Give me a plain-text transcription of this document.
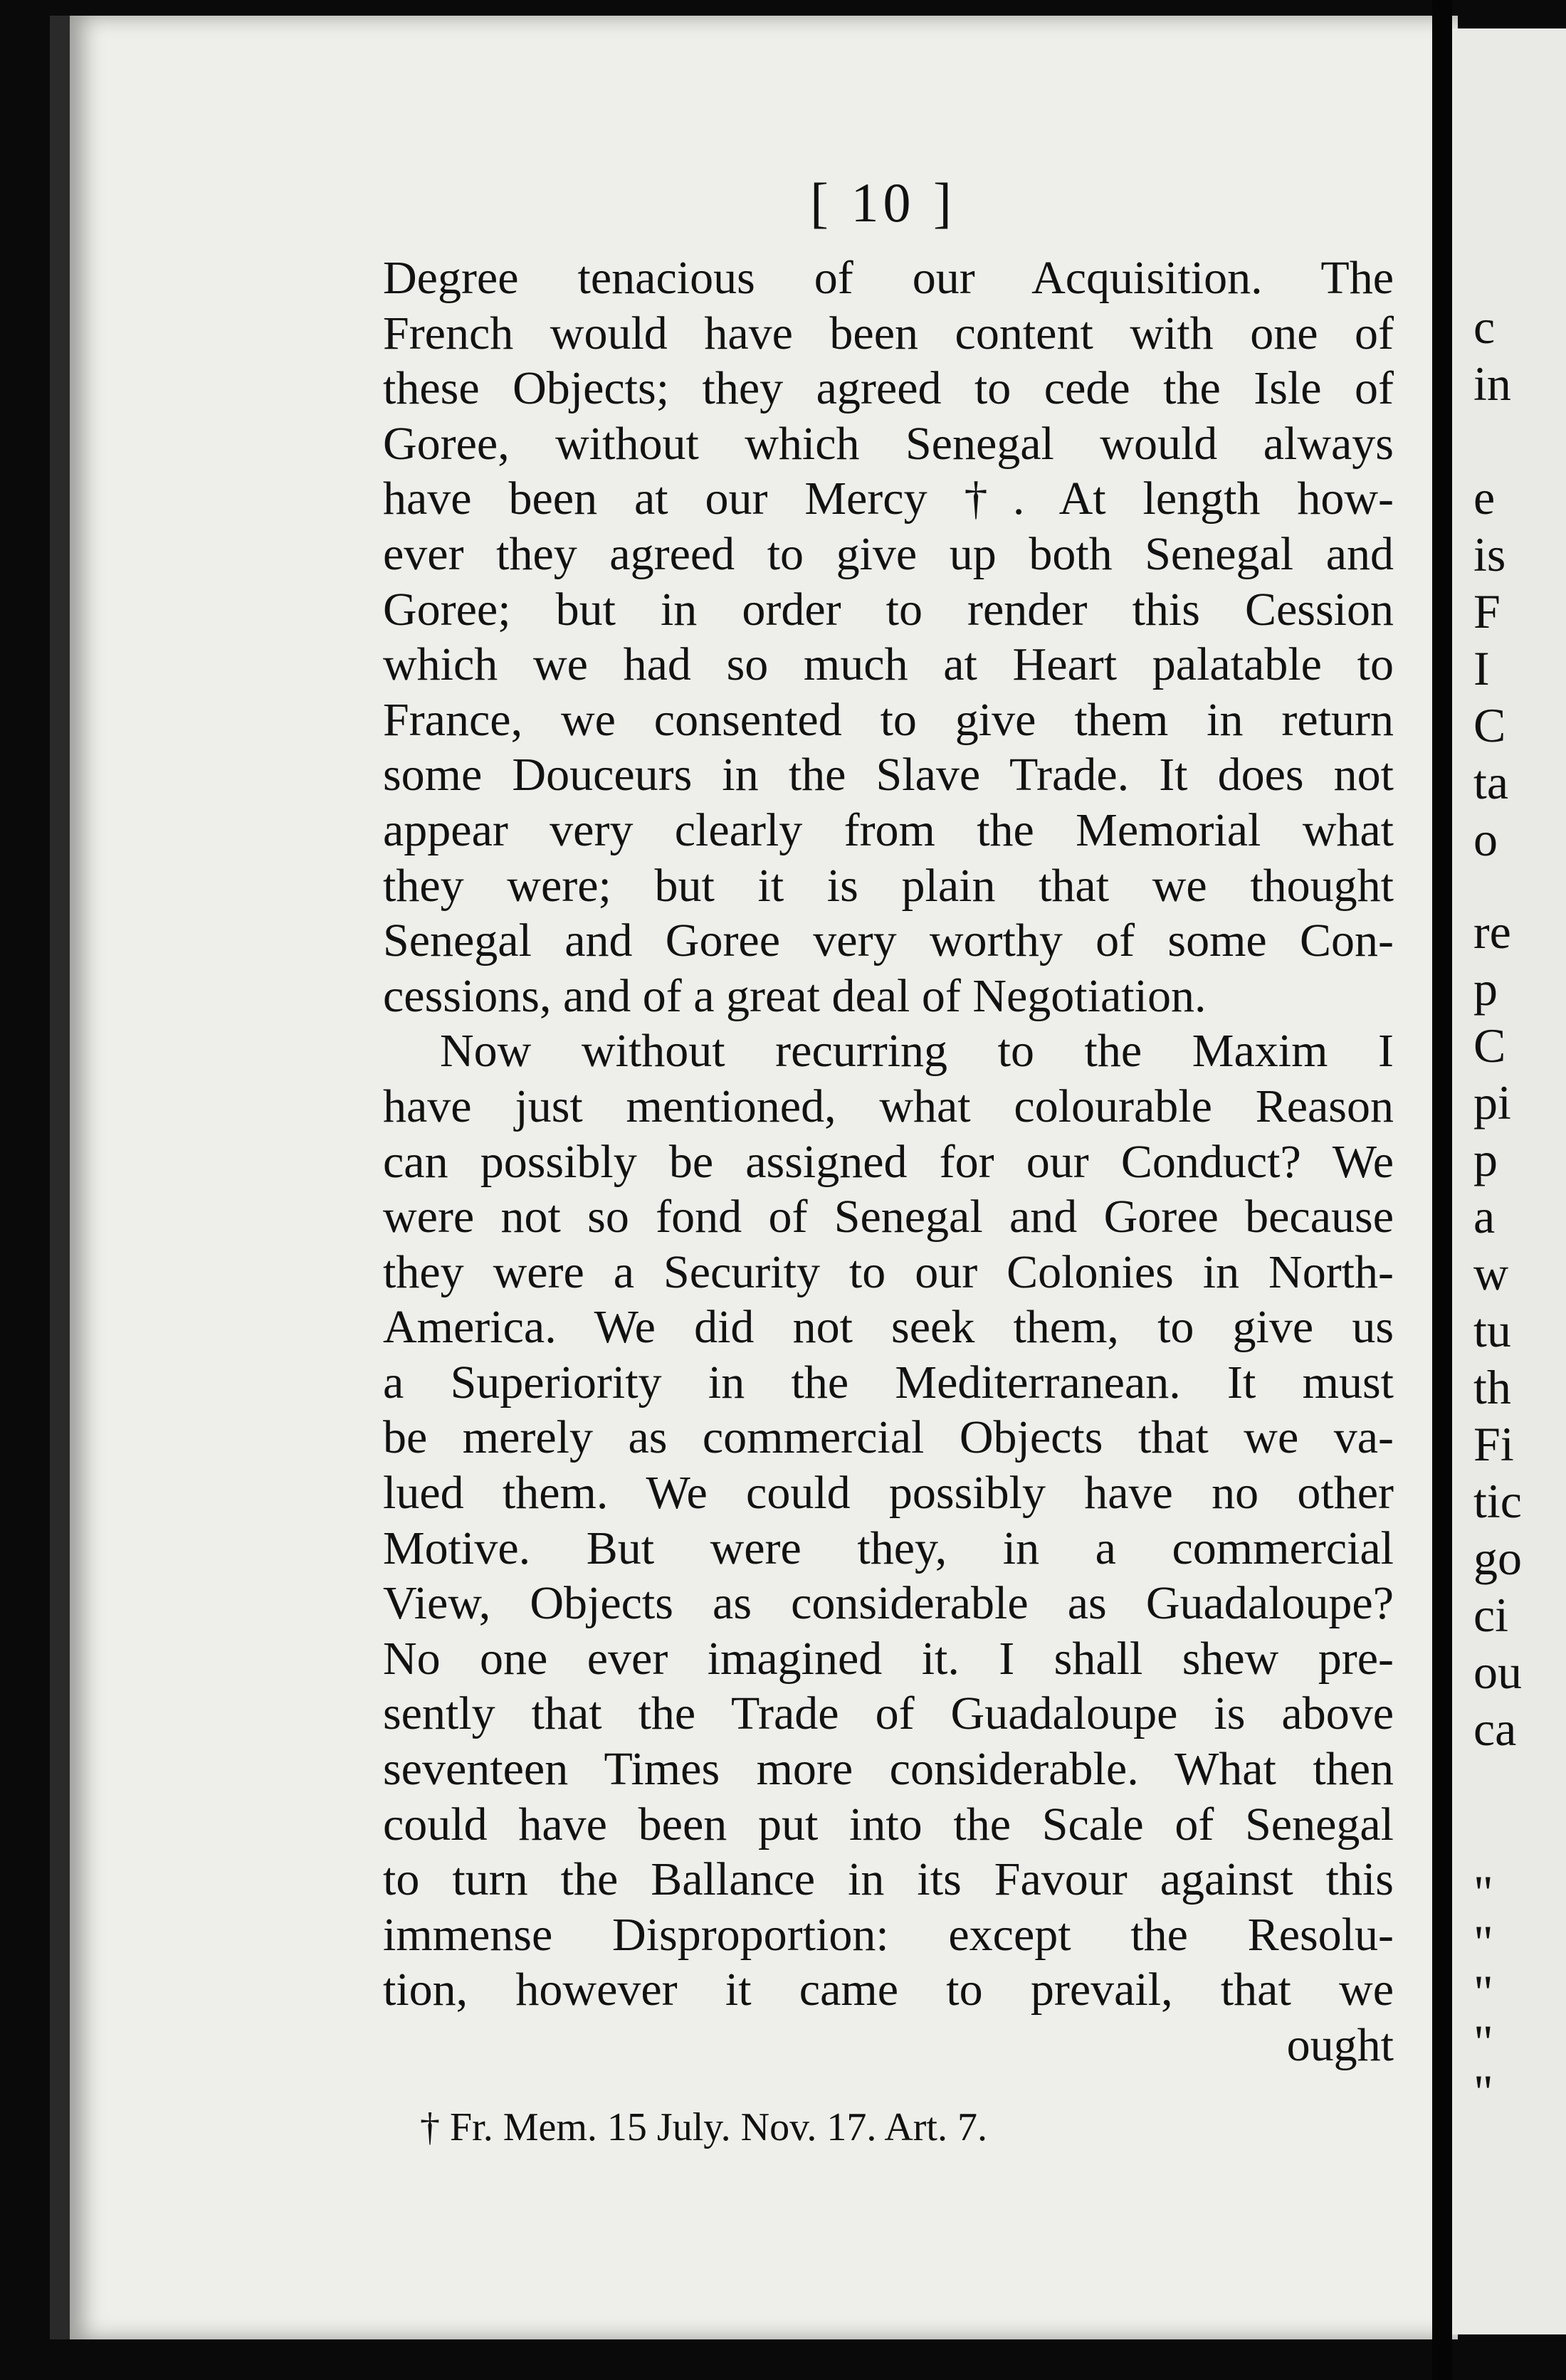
[ 10 ]
Degree tenacious of our Acquisition. The
French would have been content with one of
these Objects; they agreed to cede the Isle of
Goree, without which Senegal would always
have been at our Mercy †. At length how-
ever they agreed to give up both Senegal and
Goree; but in order to render this Cession
which we had so much at Heart palatable to
France, we consented to give them in return
some Douceurs in the Slave Trade. It does not
appear very clearly from the Memorial what
they were; but it is plain that we thought
Senegal and Goree very worthy of some Con-
cessions, and of a great deal of Negotiation.
Now without recurring to the Maxim I
have just mentioned, what colourable Reason
can possibly be assigned for our Conduct? We
were not so fond of Senegal and Goree because
they were a Security to our Colonies in North-
America. We did not seek them, to give us
a Superiority in the Mediterranean. It must
be merely as commercial Objects that we va-
lued them. We could possibly have no other
Motive. But were they, in a commercial
View, Objects as considerable as Guadaloupe?
No one ever imagined it. I shall shew pre-
sently that the Trade of Guadaloupe is above
seventeen Times more considerable. What then
could have been put into the Scale of Senegal
to turn the Ballance in its Favour against this
immense Disproportion: except the Resolu-
tion, however it came to prevail, that we
ought
† Fr. Mem. 15 July. Nov. 17. Art. 7.
c
in
e
is
F
I
C
ta
o
re
p
C
pi
p
a
w
tu
th
Fi
tic
go
ci
ou
ca
"
"
"
"
"
